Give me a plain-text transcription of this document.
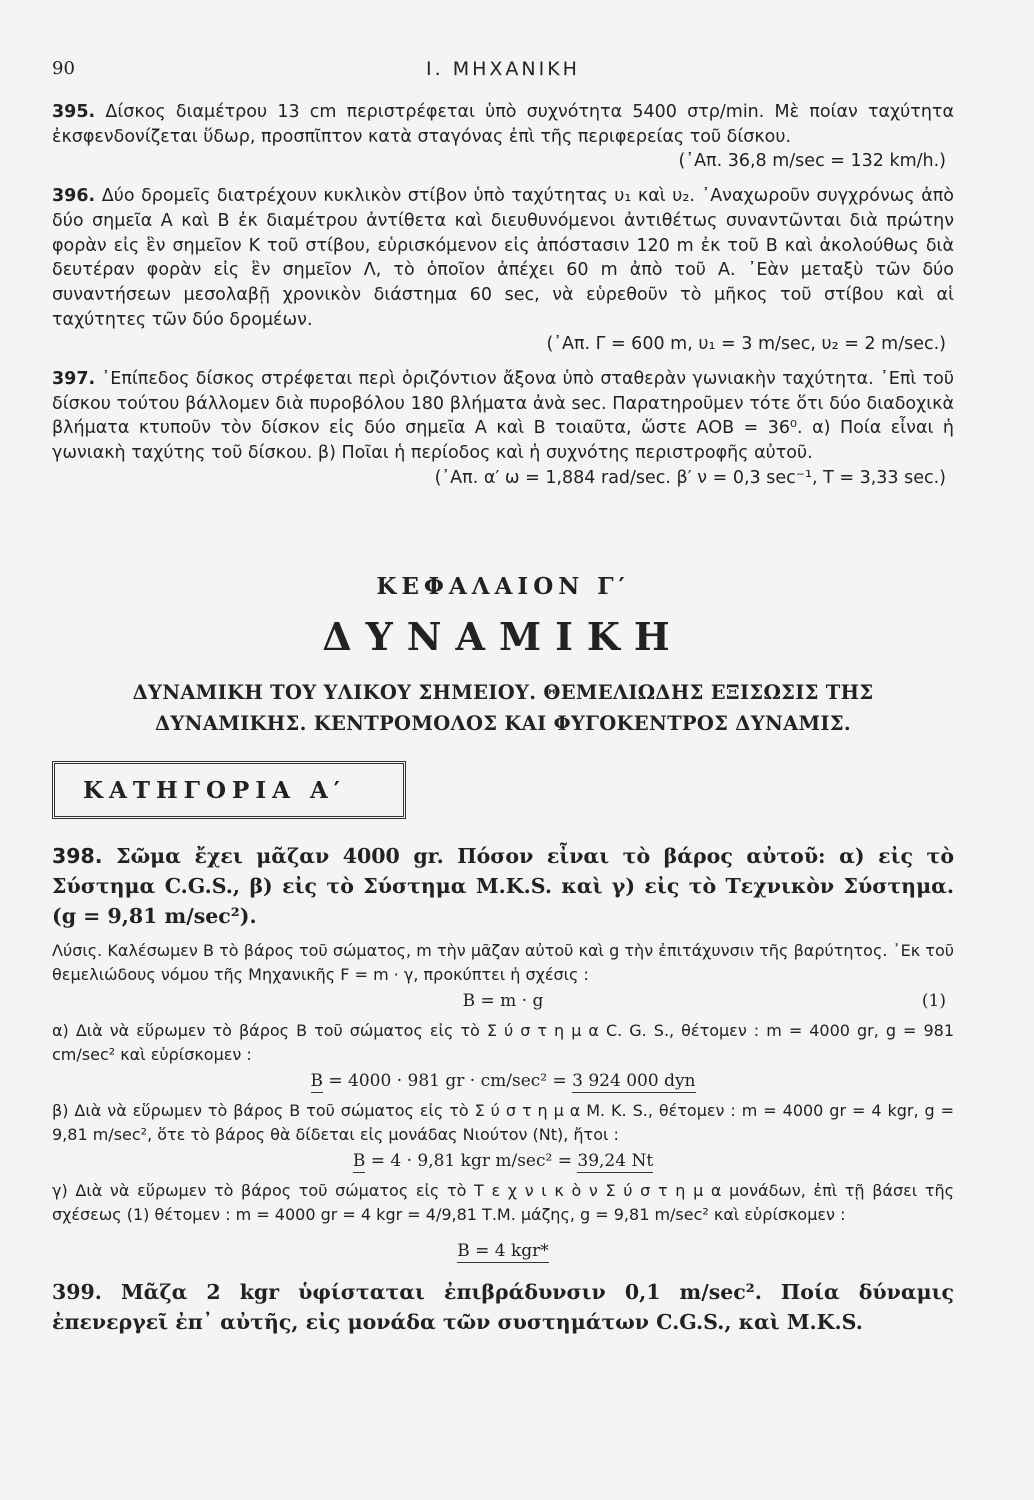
90	I. ΜΗΧΑΝΙΚΗ

395. Δίσκος διαμέτρου 13 cm περιστρέφεται ὑπὸ συχνότητα 5400 στρ/min. Μὲ ποίαν ταχύτητα ἐκσφενδονίζεται ὕδωρ, προσπῖπτον κατὰ σταγόνας ἐπὶ τῆς περιφερείας τοῦ δίσκου.
(᾿Απ. 36,8 m/sec = 132 km/h.)

396. Δύο δρομεῖς διατρέχουν κυκλικὸν στίβον ὑπὸ ταχύτητας υ₁ καὶ υ₂. ᾿Αναχωροῦν συγχρόνως ἀπὸ δύο σημεῖα Α καὶ Β ἐκ διαμέτρου ἀντίθετα καὶ διευθυνόμενοι ἀντιθέτως συναντῶνται διὰ πρώτην φορὰν εἰς ἓν σημεῖον Κ τοῦ στίβου, εὑρισκόμενον εἰς ἀπόστασιν 120 m ἐκ τοῦ Β καὶ ἀκολούθως διὰ δευτέραν φορὰν εἰς ἓν σημεῖον Λ, τὸ ὁποῖον ἀπέχει 60 m ἀπὸ τοῦ Α. ᾿Εὰν μεταξὺ τῶν δύο συναντήσεων μεσολαβῇ χρονικὸν διάστημα 60 sec, νὰ εὑρεθοῦν τὸ μῆκος τοῦ στίβου καὶ αἱ ταχύτητες τῶν δύο δρομέων.
(᾿Απ. Γ = 600 m, υ₁ = 3 m/sec, υ₂ = 2 m/sec.)

397. ᾿Επίπεδος δίσκος στρέφεται περὶ ὁριζόντιον ἄξονα ὑπὸ σταθερὰν γωνιακὴν ταχύτητα. ᾿Επὶ τοῦ δίσκου τούτου βάλλομεν διὰ πυροβόλου 180 βλήματα ἀνὰ sec. Παρατηροῦμεν τότε ὅτι δύο διαδοχικὰ βλήματα κτυποῦν τὸν δίσκον εἰς δύο σημεῖα Α καὶ Β τοιαῦτα, ὥστε ΑΟΒ = 36⁰. α) Ποία εἶναι ἡ γωνιακὴ ταχύτης τοῦ δίσκου. β) Ποῖαι ἡ περίοδος καὶ ἡ συχνότης περιστροφῆς αὐτοῦ.
(᾿Απ. α′ ω = 1,884 rad/sec. β′ ν = 0,3 sec⁻¹, Τ = 3,33 sec.)

ΚΕΦΑΛΑΙΟΝ Γ′

ΔΥΝΑΜΙΚΗ

ΔΥΝΑΜΙΚΗ ΤΟΥ ΥΛΙΚΟΥ ΣΗΜΕΙΟΥ. ΘΕΜΕΛΙΩΔΗΣ ΕΞΙΣΩΣΙΣ ΤΗΣ

ΔΥΝΑΜΙΚΗΣ. ΚΕΝΤΡΟΜΟΛΟΣ ΚΑΙ ΦΥΓΟΚΕΝΤΡΟΣ ΔΥΝΑΜΙΣ.

ΚΑΤΗΓΟΡΙΑ Α′

398. Σῶμα ἔχει μᾶζαν 4000 gr. Πόσον εἶναι τὸ βάρος αὐτοῦ: α) εἰς τὸ Σύστημα C.G.S., β) εἰς τὸ Σύστημα M.K.S. καὶ γ) εἰς τὸ Τεχνικὸν Σύστημα. (g = 9,81 m/sec²).

Λύσις. Καλέσωμεν Β τὸ βάρος τοῦ σώματος, m τὴν μᾶζαν αὐτοῦ καὶ g τὴν ἐπιτάχυνσιν τῆς βαρύτητος. ᾿Εκ τοῦ θεμελιώδους νόμου τῆς Μηχανικῆς F = m · γ, προκύπτει ἡ σχέσις :

B = m · g	(1)

α) Διὰ νὰ εὕρωμεν τὸ βάρος Β τοῦ σώματος εἰς τὸ Σ ύ σ τ η μ α C. G. S., θέτομεν : m = 4000 gr, g = 981 cm/sec² καὶ εὑρίσκομεν :

B = 4000 · 981 gr · cm/sec² = 3 924 000 dyn

β) Διὰ νὰ εὕρωμεν τὸ βάρος Β τοῦ σώματος εἰς τὸ Σ ύ σ τ η μ α M. K. S., θέτομεν : m = 4000 gr = 4 kgr, g = 9,81 m/sec², ὅτε τὸ βάρος θὰ δίδεται εἰς μονάδας Νιούτον (Nt), ἤτοι :

B = 4 · 9,81 kgr m/sec² = 39,24 Nt

γ) Διὰ νὰ εὕρωμεν τὸ βάρος τοῦ σώματος εἰς τὸ Τ ε χ ν ι κ ὸ ν Σ ύ σ τ η μ α μονάδων, ἐπὶ τῇ βάσει τῆς σχέσεως (1) θέτομεν : m = 4000 gr = 4 kgr = 4/9,81 Τ.Μ. μάζης, g = 9,81 m/sec² καὶ εὑρίσκομεν :

B = 4 kgr*

399. Μᾶζα 2 kgr ὑφίσταται ἐπιβράδυνσιν 0,1 m/sec². Ποία δύναμις ἐπενεργεῖ ἐπ᾿ αὐτῆς, εἰς μονάδα τῶν συστημάτων C.G.S., καὶ M.K.S.
